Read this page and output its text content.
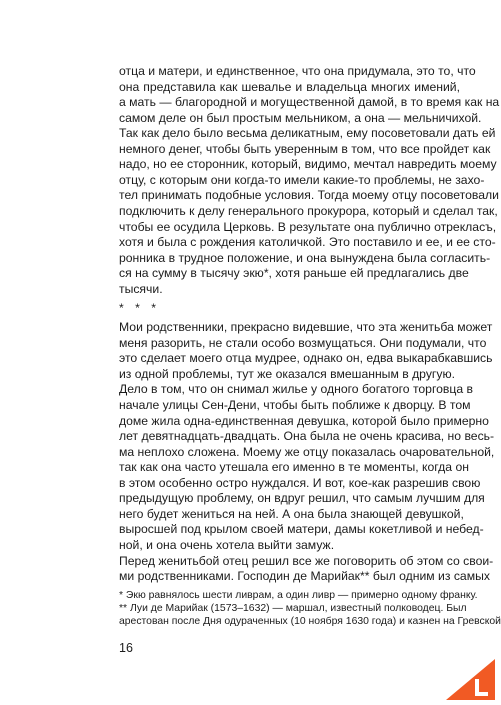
* * *
* Экю равнялось шести ливрам, а один ливр — примерно одному франку.
** Луи де Марийак (1573–1632) — маршал, известный полководец. Был
арестован после Дня одураченных (10 ноября 1630 года) и казнен на Гревской
16
отца и матери, и единственное, что она придумала, это то, что
она представила как шевалье и владельца многих имений,
а мать — благородной и могущественной дамой, в то время как на
самом деле он был простым мельником, а она — мельничихой.
Так как дело было весьма деликатным, ему посоветовали дать ей
немного денег, чтобы быть уверенным в том, что все пройдет как
надо, но ее сторонник, который, видимо, мечтал навредить моему
отцу, с которым они когда-то имели какие-то проблемы, не захо-
тел принимать подобные условия. Тогда моему отцу посоветовали
подключить к делу генерального прокурора, который и сделал так,
чтобы ее осудила Церковь. В результате она публично отрекласъ,
хотя и была с рождения католичкой. Это поставило и ее, и ее сто-
ронника в трудное положение, и она вынуждена была согласить-
ся на сумму в тысячу экю*, хотя раньше ей предлагались две
тысячи.
Мои родственники, прекрасно видевшие, что эта женитьба может
меня разорить, не стали особо возмущаться. Они подумали, что
это сделает моего отца мудрее, однако он, едва выкарабкавшись
из одной проблемы, тут же оказался вмешанным в другую.
Дело в том, что он снимал жилье у одного богатого торговца в
начале улицы Сен-Дени, чтобы быть поближе к дворцу. В том
доме жила одна-единственная девушка, которой было примерно
лет девятнадцать-двадцать. Она была не очень красива, но весь-
ма неплохо сложена. Моему же отцу показалась очаровательной,
так как она часто утешала его именно в те моменты, когда он
в этом особенно остро нуждался. И вот, кое-как разрешив свою
предыдущую проблему, он вдруг решил, что самым лучшим для
него будет жениться на ней. А она была знающей девушкой,
выросшей под крылом своей матери, дамы кокетливой и небед-
ной, и она очень хотела выйти замуж.
Перед женитьбой отец решил все же поговорить об этом со свои-
ми родственниками. Господин де Марийак** был одним из самых
